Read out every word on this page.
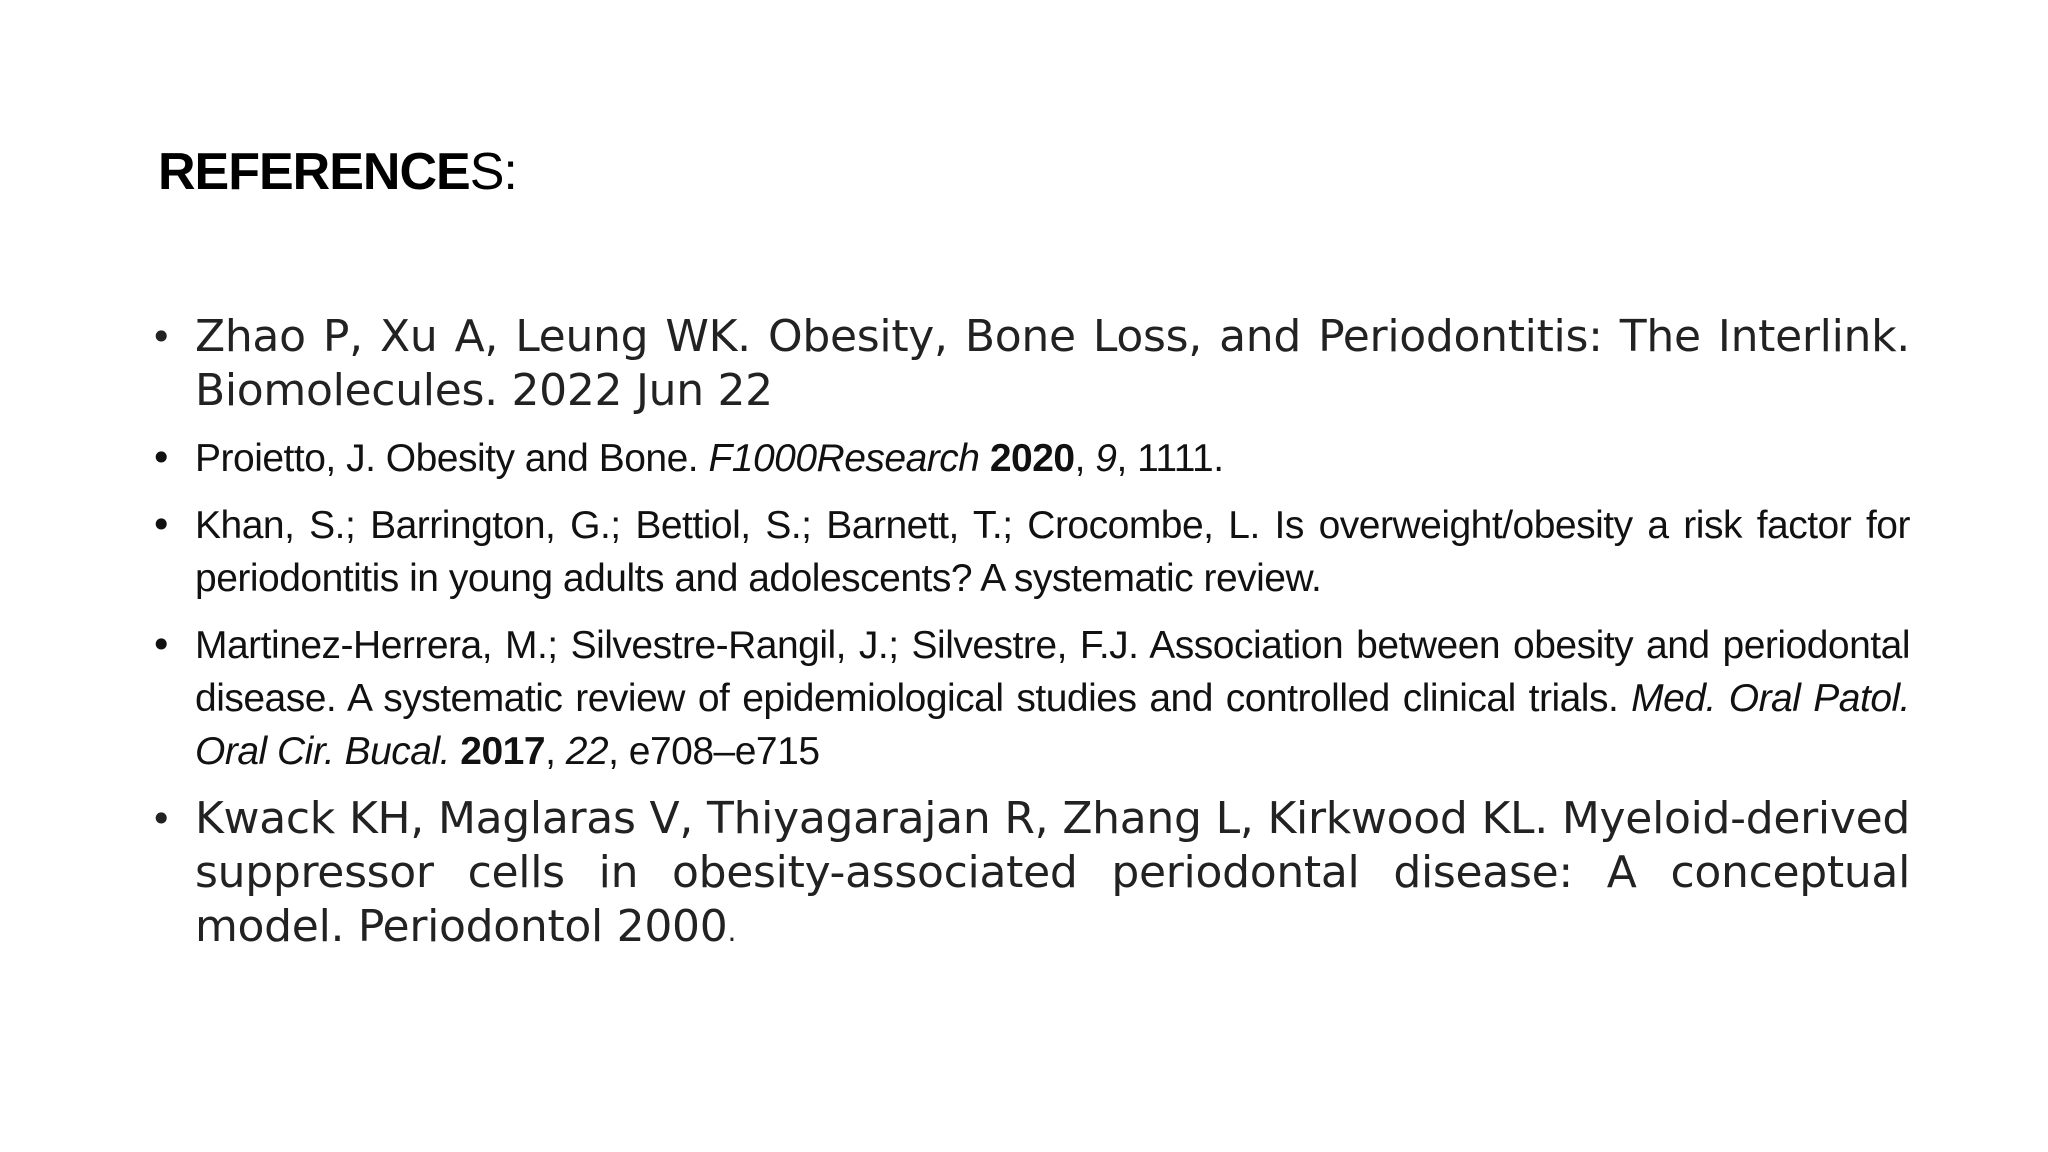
REFERENCES:
• Zhao P, Xu A, Leung WK. Obesity, Bone Loss, and Periodontitis: The Interlink. Biomolecules. 2022 Jun 22
• Proietto, J. Obesity and Bone. F1000Research 2020, 9, 1111.
• Khan, S.; Barrington, G.; Bettiol, S.; Barnett, T.; Crocombe, L. Is overweight/obesity a risk factor for periodontitis in young adults and adolescents? A systematic review.
• Martinez-Herrera, M.; Silvestre-Rangil, J.; Silvestre, F.J. Association between obesity and periodontal disease. A systematic review of epidemiological studies and controlled clinical trials. Med. Oral Patol. Oral Cir. Bucal. 2017, 22, e708–e715
• Kwack KH, Maglaras V, Thiyagarajan R, Zhang L, Kirkwood KL. Myeloid-derived suppressor cells in obesity-associated periodontal disease: A conceptual model. Periodontol 2000.
